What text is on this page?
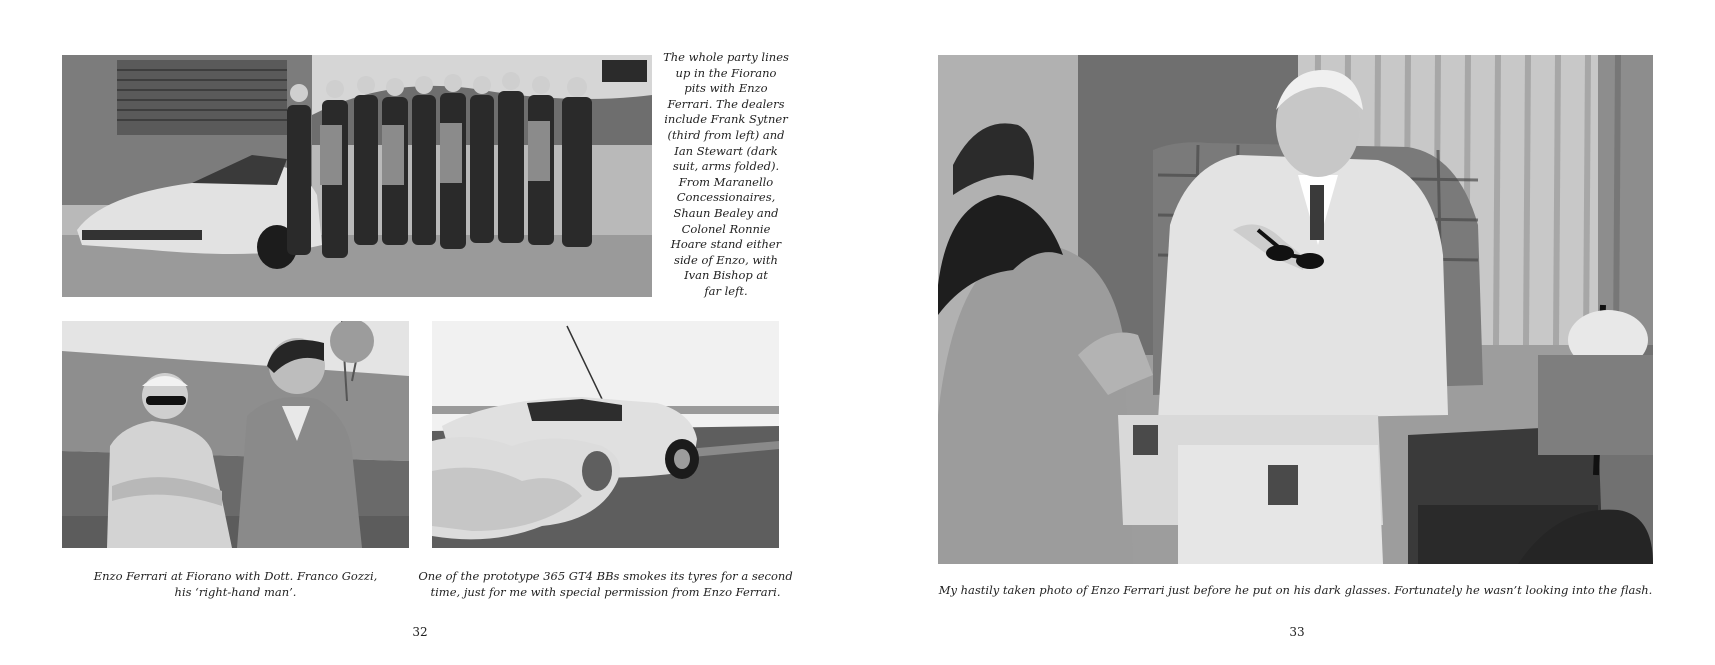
The whole party lines
up in the Fiorano
pits with Enzo
Ferrari. The dealers
include Frank Sytner
(third from left) and
Ian Stewart (dark
suit, arms folded).
From Maranello
Concessionaires,
Shaun Bealey and
Colonel Ronnie
Hoare stand either
side of Enzo, with
Ivan Bishop at
far left.
Enzo Ferrari at Fiorano with Dott. Franco Gozzi,
his ‘right-hand man’.
One of the prototype 365 GT4 BBs smokes its tyres for a second
time, just for me with special permission from Enzo Ferrari.
32
My hastily taken photo of Enzo Ferrari just before he put on his dark glasses. Fortunately he wasn’t looking into the flash.
33
